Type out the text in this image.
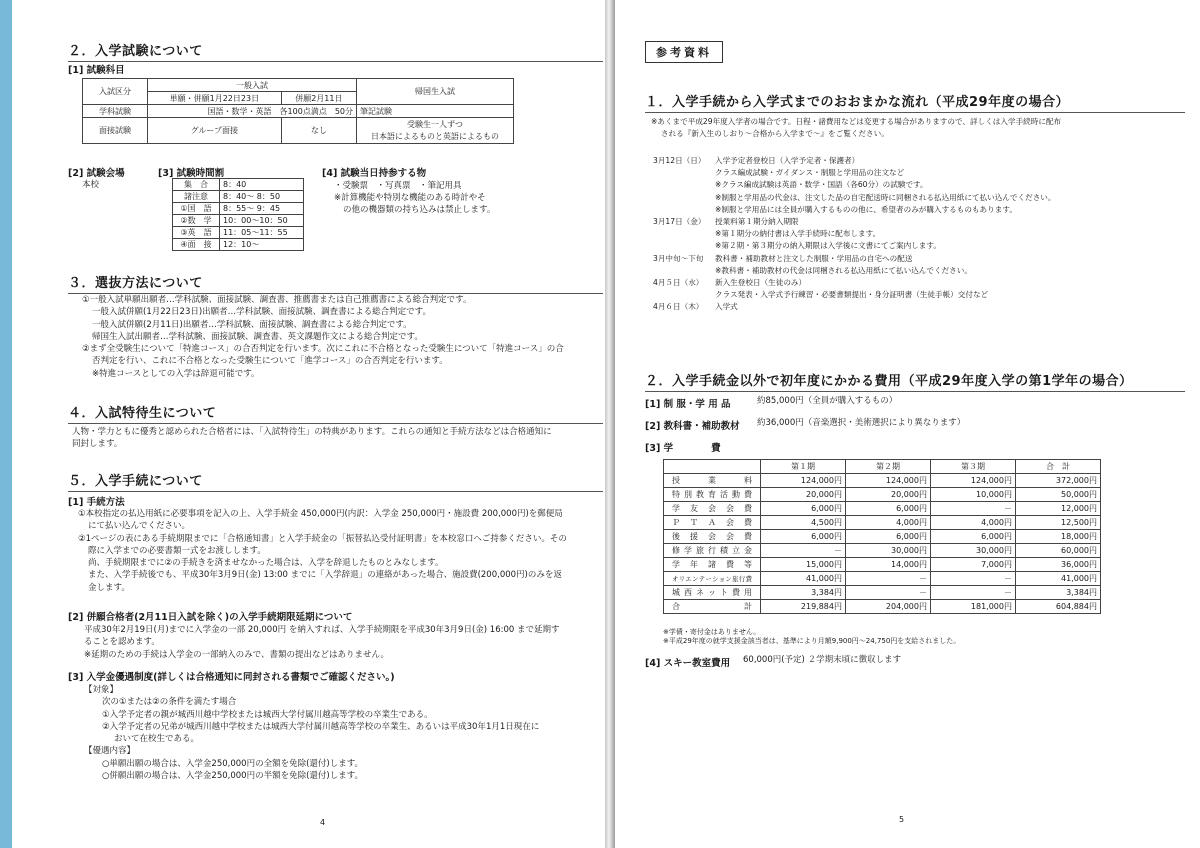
２．入学試験について
[1] 試験科目
入試区分	一般入試		帰国生入試
	単願・併願1月22日23日	併願2月11日	
学科試験	国語・数学・英語　各100点満点　50分		筆記試験
面接試験	グループ面接	なし	受験生一人ずつ
日本語によるものと英語によるもの
[2] 試験会場
本校
[3] 試験時間割
集　合	8：40
諸注意	8：40～ 8：50
①国　語	8：55～ 9：45
②数　学	10：00～10：50
③英　語	11：05～11：55
④面　接	12：10～
[4] 試験当日持参する物
・受験票　・写真票　・筆記用具
※計算機能や特別な機能のある時計やそ
の他の機器類の持ち込みは禁止します。
３．選抜方法について
①一般入試単願出願者…学科試験、面接試験、調査書、推薦書または自己推薦書による総合判定です。
一般入試併願(1月22日23日)出願者…学科試験、面接試験、調査書による総合判定です。
一般入試併願(2月11日)出願者…学科試験、面接試験、調査書による総合判定です。
帰国生入試出願者…学科試験、面接試験、調査書、英文課題作文による総合判定です。
②まず全受験生について「特進コース」の合否判定を行います。次にこれに不合格となった受験生について「特進コース」の合
否判定を行い、これに不合格となった受験生について「進学コース」の合否判定を行います。
※特進コースとしての入学は辞退可能です。
４．入試特待生について
人物・学力ともに優秀と認められた合格者には、「入試特待生」の特典があります。これらの通知と手続方法などは合格通知に
同封します。
５．入学手続について
[1] 手続方法
①本校指定の払込用紙に必要事項を記入の上、入学手続金 450,000円(内訳：入学金 250,000円・施設費 200,000円)を郵便局
にて払い込んでください。
②1ページの表にある手続期限までに「合格通知書」と入学手続金の「振替払込受付証明書」を本校窓口へご持参ください。その
際に入学までの必要書類一式をお渡しします。
尚、手続期限までに②の手続きを済ませなかった場合は、入学を辞退したものとみなします。
また、入学手続後でも、平成30年3月9日(金) 13:00 までに「入学辞退」の連絡があった場合、施設費(200,000円)のみを返
金します。
[2] 併願合格者(2月11日入試を除く)の入学手続期限延期について
平成30年2月19日(月)までに入学金の一部 20,000円 を納入すれば、入学手続期限を平成30年3月9日(金) 16:00 まで延期す
ることを認めます。
※延期のための手続は入学金の一部納入のみで、書類の提出などはありません。
[3] 入学金優遇制度(詳しくは合格通知に同封される書類でご確認ください。)
【対象】
次の①または②の条件を満たす場合
①入学予定者の親が城西川越中学校または城西大学付属川越高等学校の卒業生である。
②入学予定者の兄弟が城西川越中学校または城西大学付属川越高等学校の卒業生、あるいは平成30年1月1日現在に
おいて在校生である。
【優遇内容】
○単願出願の場合は、入学金250,000円の全額を免除(還付)します。
○併願出願の場合は、入学金250,000円の半額を免除(還付)します。
4
参考資料
１．入学手続から入学式までのおおまかな流れ（平成29年度の場合）
※あくまで平成29年度入学者の場合です。日程・諸費用などは変更する場合がありますので、詳しくは入学手続時に配布
される『新入生のしおり～合格から入学まで～』をご覧ください。
3月12日（日） 入学予定者登校日（入学予定者・保護者）
クラス編成試験・ガイダンス・制服と学用品の注文など
※クラス編成試験は英語・数学・国語（各60分）の試験です。
※制服と学用品の代金は、注文した品の自宅配送時に同梱される払込用紙にて払い込んでください。
※制服と学用品には全員が購入するものの他に、希望者のみが購入するものもあります。
3月17日（金） 授業料第１期分納入期限
※第１期分の納付書は入学手続時に配布します。
※第２期・第３期分の納入期限は入学後に文書にてご案内します。
3月中旬～下旬 教科書・補助教材と注文した制服・学用品の自宅への配送
※教科書・補助教材の代金は同梱される払込用紙にて払い込んでください。
4月５日（水） 新入生登校日（生徒のみ）
クラス発表・入学式予行練習・必要書類提出・身分証明書（生徒手帳）交付など
4月６日（木） 入学式
２．入学手続金以外で初年度にかかる費用（平成29年度入学の第1学年の場合）
[1] 制 服・学 用 品	約85,000円（全員が購入するもの）
[2] 教科書・補助教材 約36,000円（音楽選択・美術選択により異なります）
[3] 学　　　　費
	第１期	第２期	第３期	合　計
授業料	124,000円	124,000円	124,000円	372,000円
特別教育活動費	20,000円	20,000円	10,000円	50,000円
学友会会費	6,000円	6,000円	－	12,000円
ＰＴＡ会費	4,500円	4,000円	4,000円	12,500円
後援会会費	6,000円	6,000円	6,000円	18,000円
修学旅行積立金	－	30,000円	30,000円	60,000円
学年諸費等	15,000円	14,000円	7,000円	36,000円
オリエンテーション旅行費	41,000円	－	－	41,000円
城西ネット費用	3,384円	－	－	3,384円
合計	219,884円	204,000円	181,000円	604,884円
※学債・寄付金はありません。
※平成29年度の就学支援金該当者は、基準により月額9,900円～24,750円を支給されました。
[4] スキー教室費用 60,000円(予定) ２学期末頃に徴収します
5
